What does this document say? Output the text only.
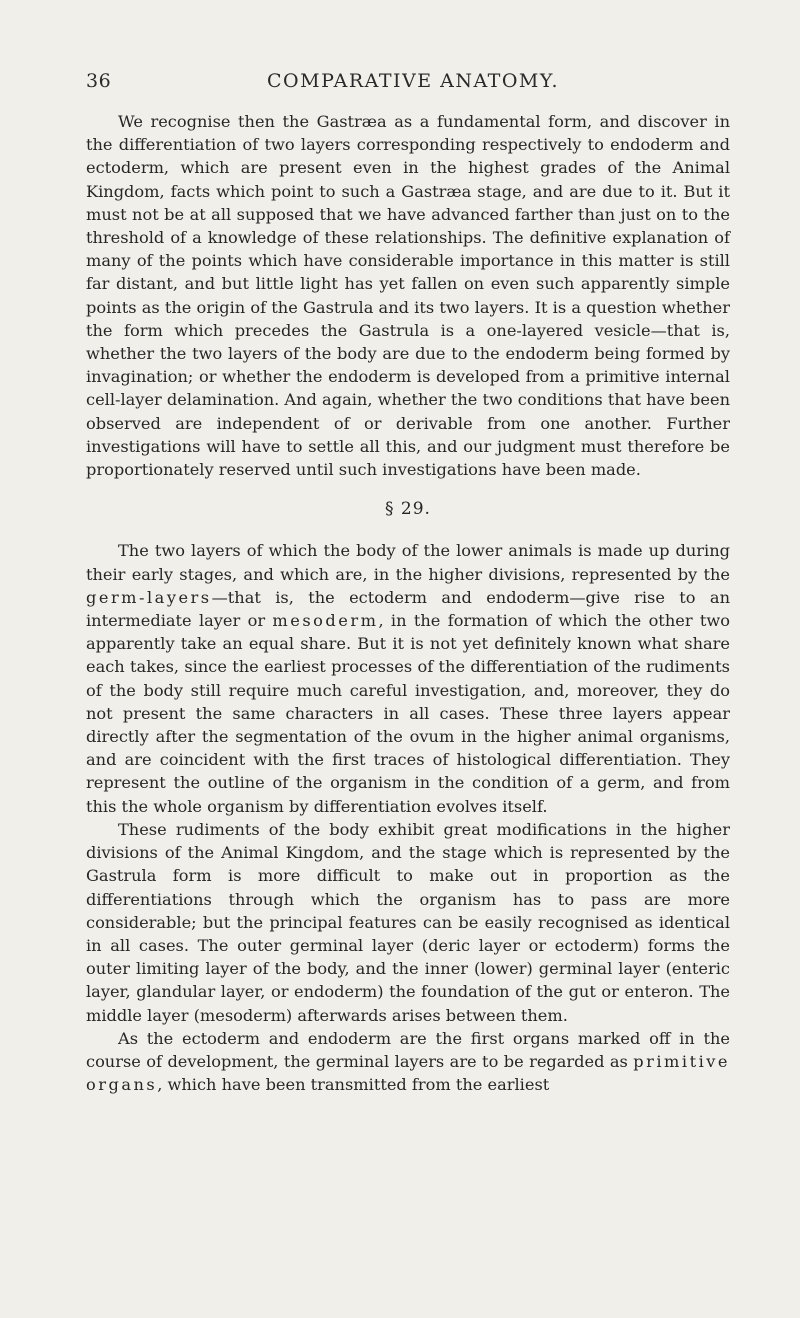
36	COMPARATIVE ANATOMY.

We recognise then the Gastræa as a fundamental form, and discover in the differentiation of two layers corresponding respectively to endoderm and ectoderm, which are present even in the highest grades of the Animal Kingdom, facts which point to such a Gastræa stage, and are due to it. But it must not be at all supposed that we have advanced farther than just on to the threshold of a knowledge of these relationships. The definitive explanation of many of the points which have considerable importance in this matter is still far distant, and but little light has yet fallen on even such apparently simple points as the origin of the Gastrula and its two layers. It is a question whether the form which precedes the Gastrula is a one-layered vesicle—that is, whether the two layers of the body are due to the endoderm being formed by invagination; or whether the endoderm is developed from a primitive internal cell-layer delamination. And again, whether the two conditions that have been observed are independent of or derivable from one another. Further investigations will have to settle all this, and our judgment must therefore be proportionately reserved until such investigations have been made.

§ 29.

The two layers of which the body of the lower animals is made up during their early stages, and which are, in the higher divisions, represented by the germ-layers—that is, the ectoderm and endoderm—give rise to an intermediate layer or mesoderm, in the formation of which the other two apparently take an equal share. But it is not yet definitely known what share each takes, since the earliest processes of the differentiation of the rudiments of the body still require much careful investigation, and, moreover, they do not present the same characters in all cases. These three layers appear directly after the segmentation of the ovum in the higher animal organisms, and are coincident with the first traces of histological differentiation. They represent the outline of the organism in the condition of a germ, and from this the whole organism by differentiation evolves itself.

These rudiments of the body exhibit great modifications in the higher divisions of the Animal Kingdom, and the stage which is represented by the Gastrula form is more difficult to make out in proportion as the differentiations through which the organism has to pass are more considerable; but the principal features can be easily recognised as identical in all cases. The outer germinal layer (deric layer or ectoderm) forms the outer limiting layer of the body, and the inner (lower) germinal layer (enteric layer, glandular layer, or endoderm) the foundation of the gut or enteron. The middle layer (mesoderm) afterwards arises between them.

As the ectoderm and endoderm are the first organs marked off in the course of development, the germinal layers are to be regarded as primitive organs, which have been transmitted from the earliest
